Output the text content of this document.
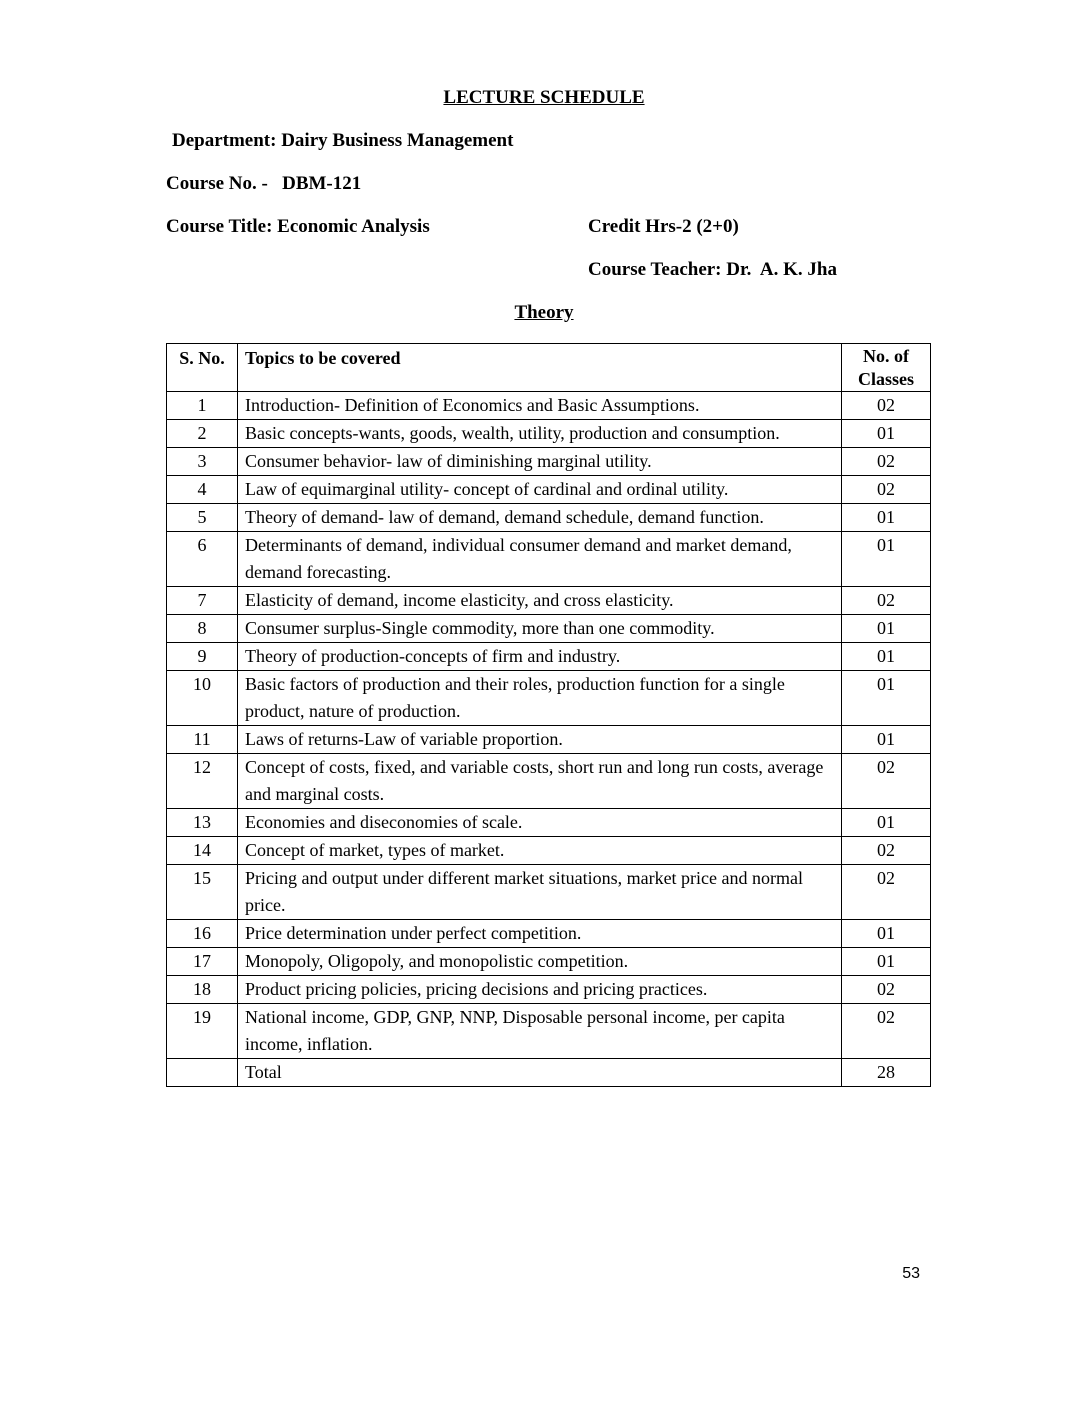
LECTURE SCHEDULE
Department: Dairy Business Management
Course No. -   DBM-121
Course Title: Economic Analysis	Credit Hrs-2 (2+0)
Course Teacher: Dr.  A. K. Jha
Theory
S. No.	Topics to be covered	No. of Classes
1	Introduction- Definition of Economics and Basic Assumptions.	02
2	Basic concepts-wants, goods, wealth, utility, production and consumption.	01
3	Consumer behavior- law of diminishing marginal utility.	02
4	Law of equimarginal utility- concept of cardinal and ordinal utility.	02
5	Theory of demand- law of demand, demand schedule, demand function.	01
6	Determinants of demand, individual consumer demand and market demand, demand forecasting.	01
7	Elasticity of demand, income elasticity, and cross elasticity.	02
8	Consumer surplus-Single commodity, more than one commodity.	01
9	Theory of production-concepts of firm and industry.	01
10	Basic factors of production and their roles, production function for a single product, nature of production.	01
11	Laws of returns-Law of variable proportion.	01
12	Concept of costs, fixed, and variable costs, short run and long run costs, average and marginal costs.	02
13	Economies and diseconomies of scale.	01
14	Concept of market, types of market.	02
15	Pricing and output under different market situations, market price and normal price.	02
16	Price determination under perfect competition.	01
17	Monopoly, Oligopoly, and monopolistic competition.	01
18	Product pricing policies, pricing decisions and pricing practices.	02
19	National income, GDP, GNP, NNP, Disposable personal income, per capita income, inflation.	02
	Total	28
53
